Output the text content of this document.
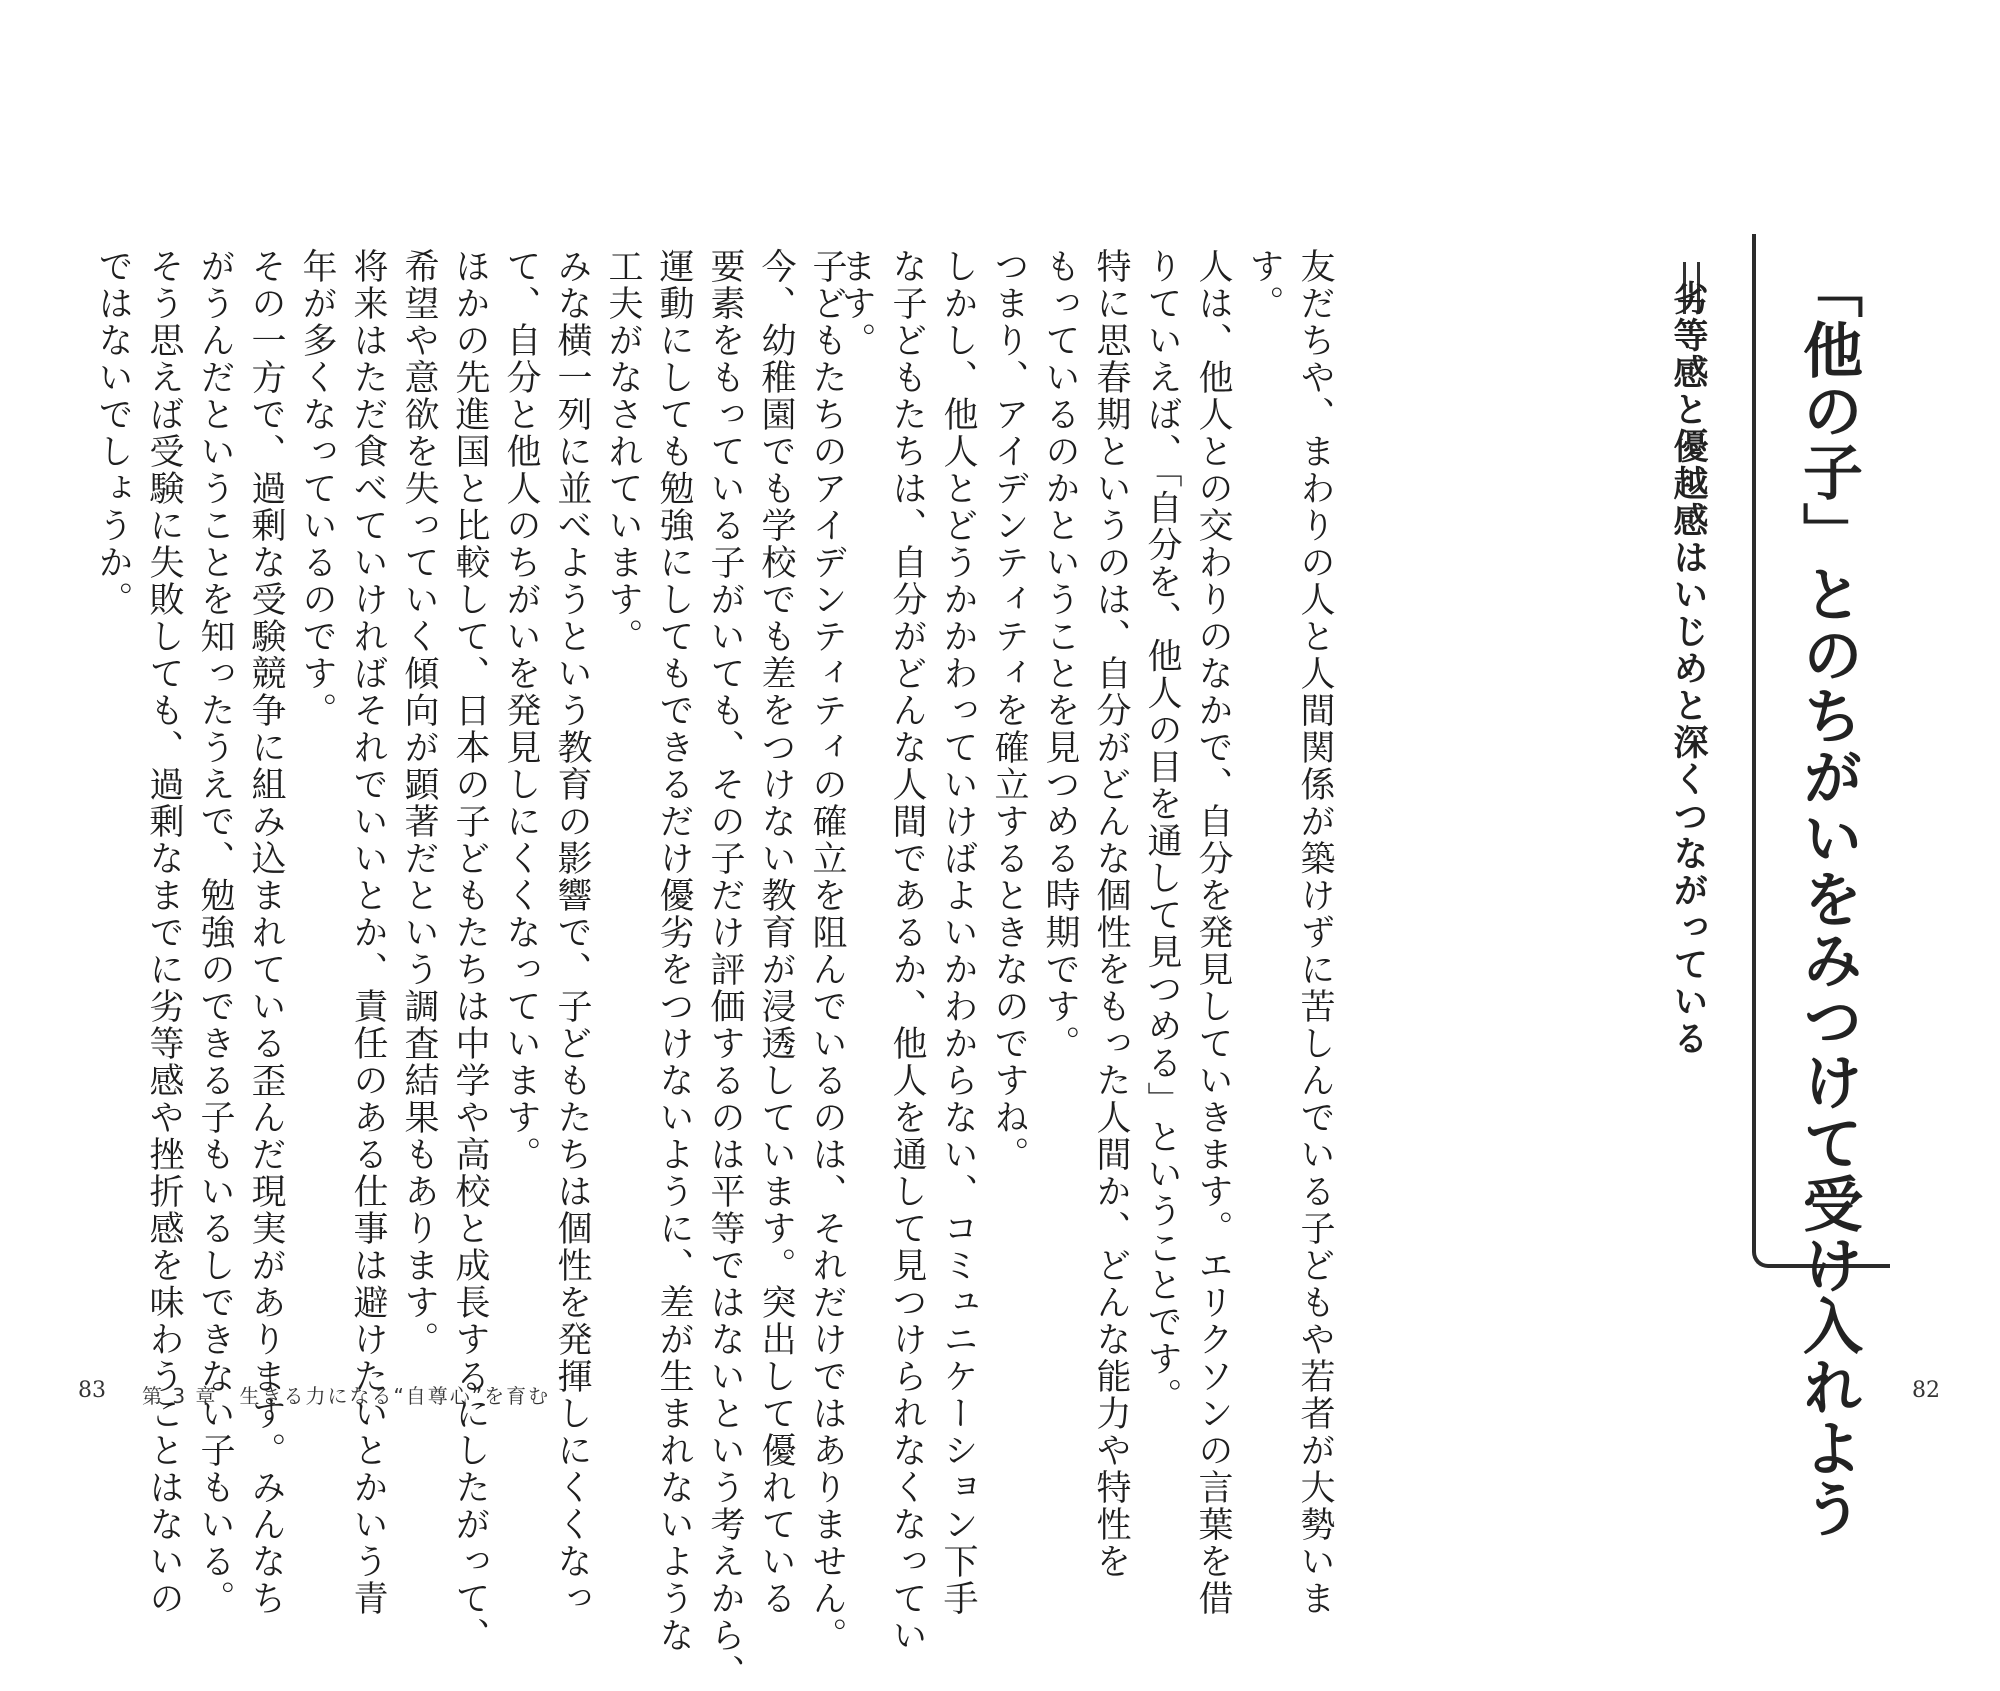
「他の子」とのちがいをみつけて受け入れよう
劣等感と優越感はいじめと深くつながっている

友だちや、まわりの人と人間関係が築けずに苦しんでいる子どもや若者が大勢いま

す。

人は、他人との交わりのなかで、自分を発見していきます。エリクソンの言葉を借

りていえば、「自分を、他人の目を通して見つめる」ということです。

特に思春期というのは、自分がどんな個性をもった人間か、どんな能力や特性を

もっているのかということを見つめる時期です。

つまり、アイデンティティを確立するときなのですね。

しかし、他人とどうかかわっていけばよいかわからない、コミュニケーション下手

な子どもたちは、自分がどんな人間であるか、他人を通して見つけられなくなってい

ます。

子どもたちのアイデンティティの確立を阻んでいるのは、それだけではありません。

今、幼稚園でも学校でも差をつけない教育が浸透しています。突出して優れている

要素をもっている子がいても、その子だけ評価するのは平等ではないという考えから、

運動にしても勉強にしてもできるだけ優劣をつけないように、差が生まれないような

工夫がなされています。

みな横一列に並べようという教育の影響で、子どもたちは個性を発揮しにくくなっ

て、自分と他人のちがいを発見しにくくなっています。

ほかの先進国と比較して、日本の子どもたちは中学や高校と成長するにしたがって、

希望や意欲を失っていく傾向が顕著だという調査結果もあります。

将来はただ食べていければそれでいいとか、責任のある仕事は避けたいとかいう青

年が多くなっているのです。

その一方で、過剰な受験競争に組み込まれている歪んだ現実があります。みんなち

がうんだということを知ったうえで、勉強のできる子もいるしできない子もいる。

そう思えば受験に失敗しても、過剰なまでに劣等感や挫折感を味わうことはないの

ではないでしょうか。

83 第 3 章　生きる力になる“自尊心”を育む	82
